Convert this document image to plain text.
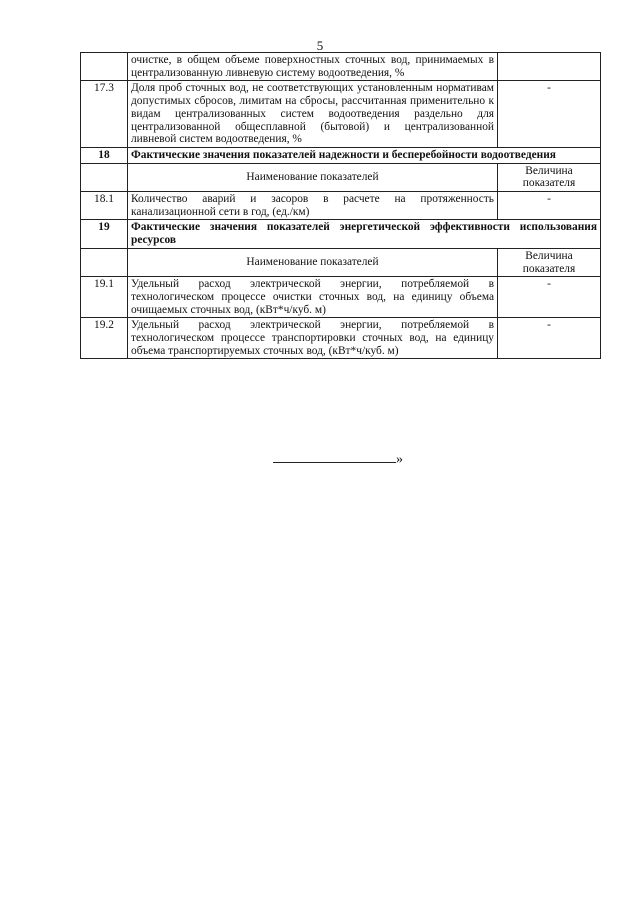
5
	очистке, в общем объеме поверхностных сточных вод, принимаемых в централизованную ливневую систему водоотведения, %	
17.3	Доля проб сточных вод, не соответствующих установленным нормативам допустимых сбросов, лимитам на сбросы, рассчитанная применительно к видам централизованных систем водоотведения раздельно для централизованной общесплавной (бытовой) и централизованной ливневой систем водоотведения, %	-
18	Фактические значения показателей надежности и бесперебойности водоотведения	
	Наименование показателей	Величина показателя
18.1	Количество аварий и засоров в расчете на протяженность канализационной сети в год, (ед./км)	-
19	Фактические значения показателей энергетической эффективности использования ресурсов	
	Наименование показателей	Величина показателя
19.1	Удельный расход электрической энергии, потребляемой в технологическом процессе очистки сточных вод, на единицу объема очищаемых сточных вод, (кВт*ч/куб. м)	-
19.2	Удельный расход электрической энергии, потребляемой в технологическом процессе транспортировки сточных вод, на единицу объема транспортируемых сточных вод, (кВт*ч/куб. м)	-
»
